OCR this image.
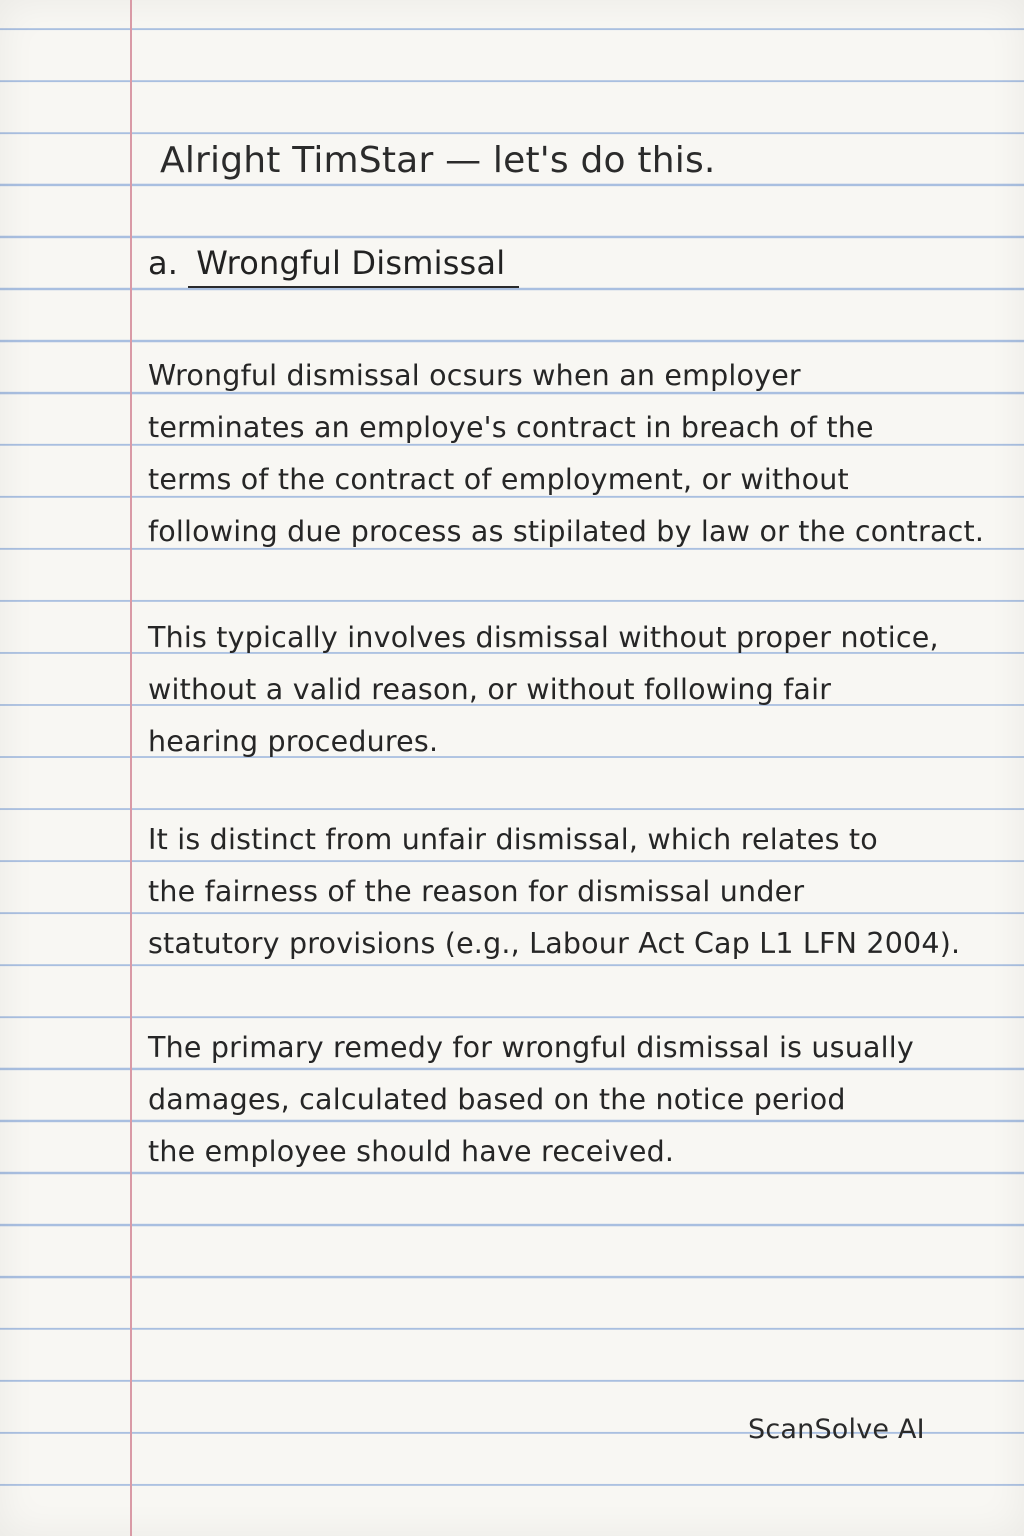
Alright TimStar — let's do this.
a. Wrongful Dismissal
Wrongful dismissal ocsurs when an employer
terminates an employe's contract in breach of the
terms of the contract of employment, or without
following due process as stipilated by law or the contract.
This typically involves dismissal without proper notice,
without a valid reason, or without following fair
hearing procedures.
It is distinct from unfair dismissal, which relates to
the fairness of the reason for dismissal under
statutory provisions (e.g., Labour Act Cap L1 LFN 2004).
The primary remedy for wrongful dismissal is usually
damages, calculated based on the notice period
the employee should have received.
ScanSolve AI
